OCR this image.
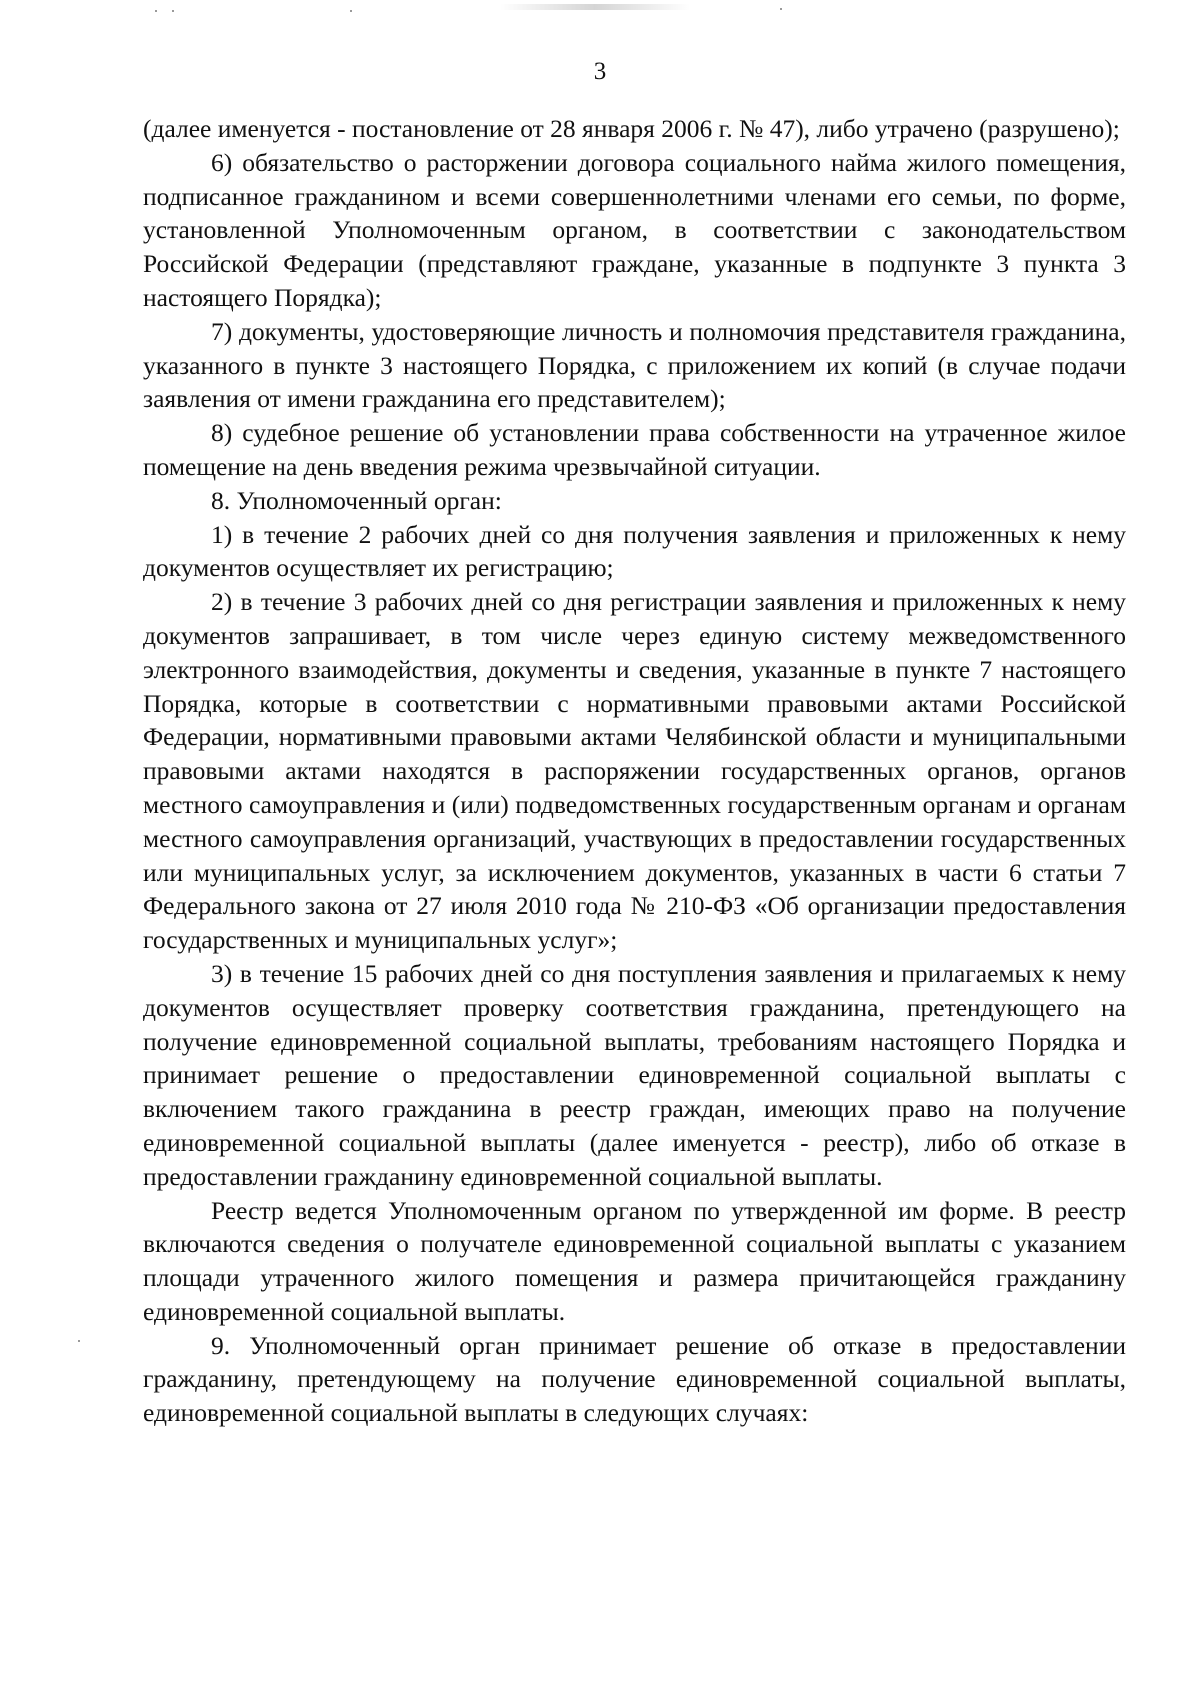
3

(далее именуется - постановление от 28 января 2006 г. № 47), либо утрачено (разрушено);

6) обязательство о расторжении договора социального найма жилого помещения, подписанное гражданином и всеми совершеннолетними членами его семьи, по форме, установленной Уполномоченным органом, в соответствии с законодательством Российской Федерации (представляют граждане, указанные в подпункте 3 пункта 3 настоящего Порядка);

7) документы, удостоверяющие личность и полномочия представителя гражданина, указанного в пункте 3 настоящего Порядка, с приложением их копий (в случае подачи заявления от имени гражданина его представителем);

8) судебное решение об установлении права собственности на утраченное жилое помещение на день введения режима чрезвычайной ситуации.

8. Уполномоченный орган:

1) в течение 2 рабочих дней со дня получения заявления и приложенных к нему документов осуществляет их регистрацию;

2) в течение 3 рабочих дней со дня регистрации заявления и приложенных к нему документов запрашивает, в том числе через единую систему межведомственного электронного взаимодействия, документы и сведения, указанные в пункте 7 настоящего Порядка, которые в соответствии с нормативными правовыми актами Российской Федерации, нормативными правовыми актами Челябинской области и муниципальными правовыми актами находятся в распоряжении государственных органов, органов местного самоуправления и (или) подведомственных государственным органам и органам местного самоуправления организаций, участвующих в предоставлении государственных или муниципальных услуг, за исключением документов, указанных в части 6 статьи 7 Федерального закона от 27 июля 2010 года № 210-ФЗ «Об организации предоставления государственных и муниципальных услуг»;

3) в течение 15 рабочих дней со дня поступления заявления и прилагаемых к нему документов осуществляет проверку соответствия гражданина, претендующего на получение единовременной социальной выплаты, требованиям настоящего Порядка и принимает решение о предоставлении единовременной социальной выплаты с включением такого гражданина в реестр граждан, имеющих право на получение единовременной социальной выплаты (далее именуется - реестр), либо об отказе в предоставлении гражданину единовременной социальной выплаты.

Реестр ведется Уполномоченным органом по утвержденной им форме. В реестр включаются сведения о получателе единовременной социальной выплаты с указанием площади утраченного жилого помещения и размера причитающейся гражданину единовременной социальной выплаты.

9. Уполномоченный орган принимает решение об отказе в предоставлении гражданину, претендующему на получение единовременной социальной выплаты, единовременной социальной выплаты в следующих случаях:
